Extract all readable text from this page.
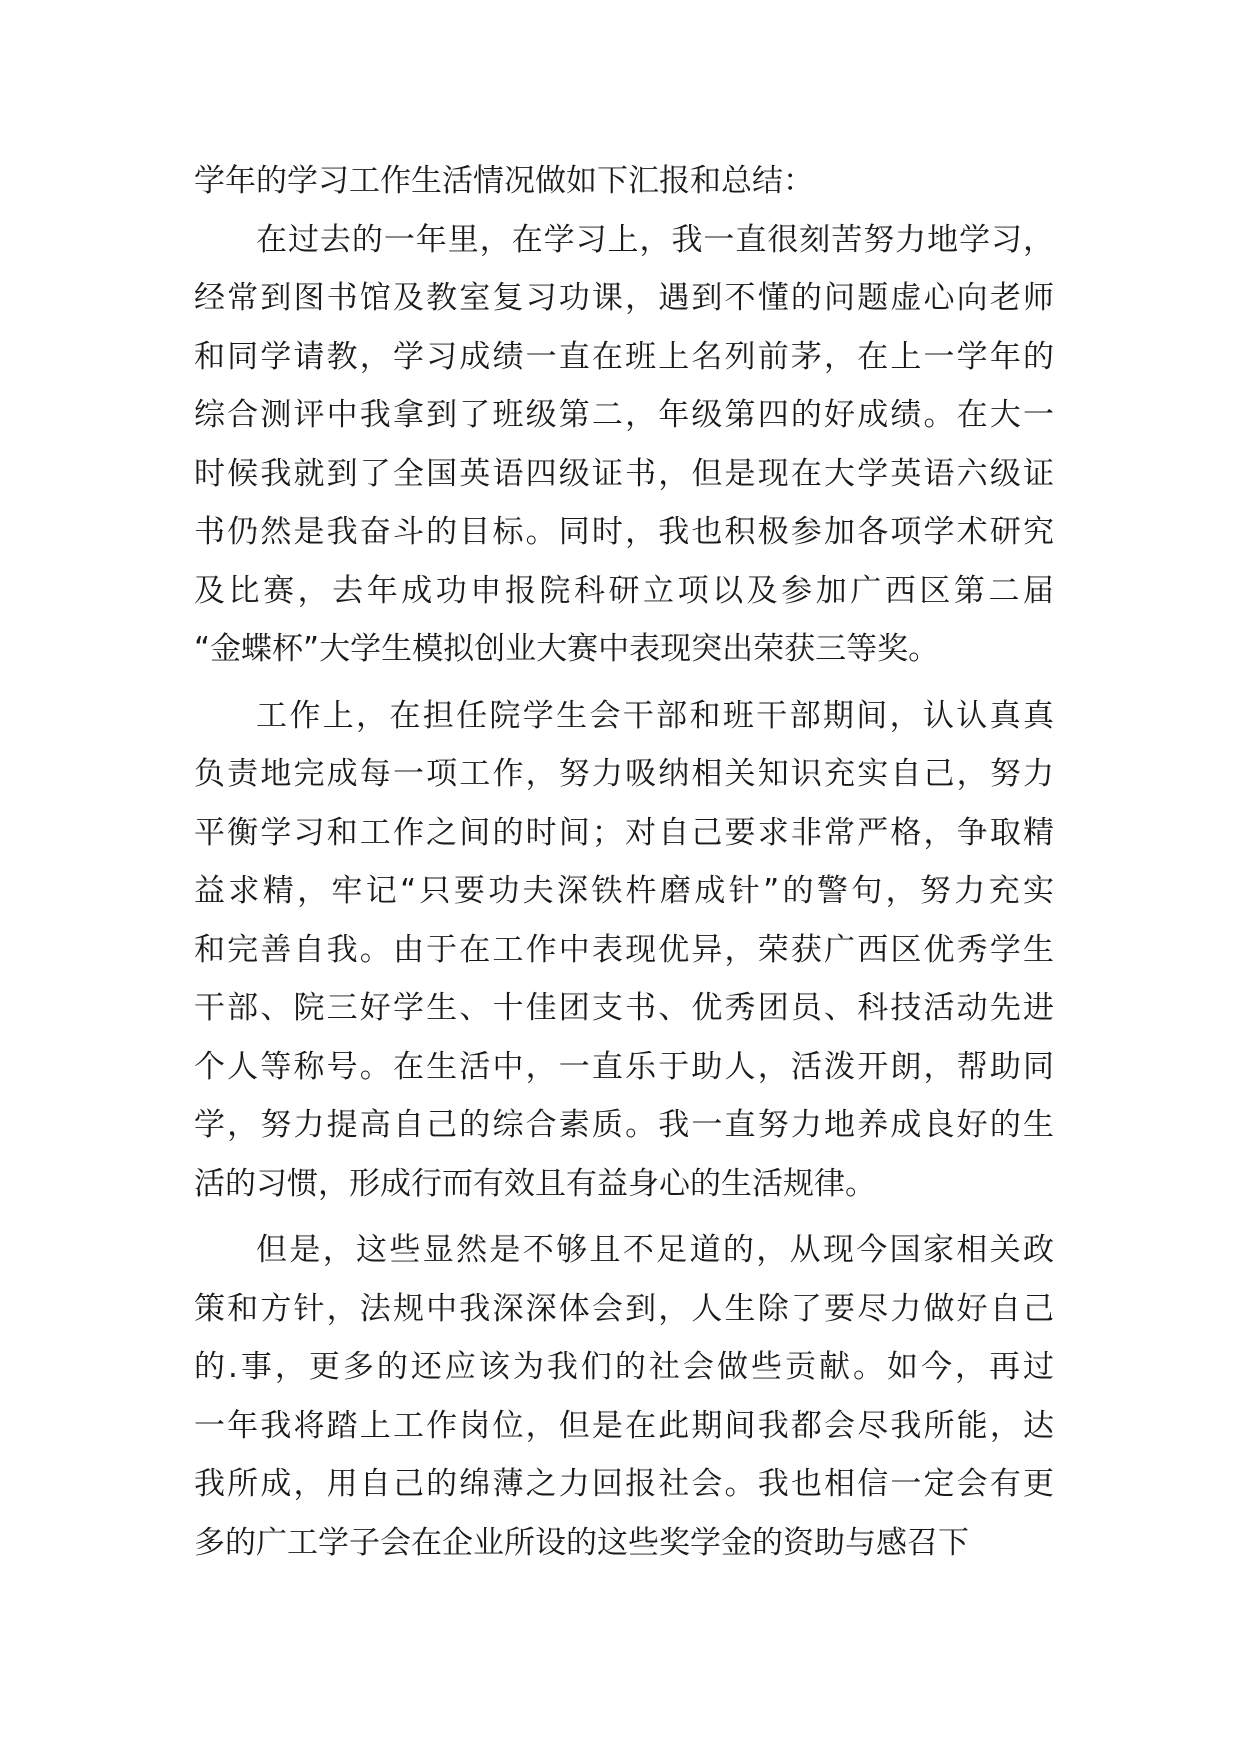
学年的学习工作生活情况做如下汇报和总结：
在过去的一年里，在学习上，我一直很刻苦努力地学习，
经常到图书馆及教室复习功课，遇到不懂的问题虚心向老师
和同学请教，学习成绩一直在班上名列前茅，在上一学年的
综合测评中我拿到了班级第二，年级第四的好成绩。在大一
时候我就到了全国英语四级证书，但是现在大学英语六级证
书仍然是我奋斗的目标。同时，我也积极参加各项学术研究
及比赛，去年成功申报院科研立项以及参加广西区第二届
“金蝶杯”大学生模拟创业大赛中表现突出荣获三等奖。
工作上，在担任院学生会干部和班干部期间，认认真真
负责地完成每一项工作，努力吸纳相关知识充实自己，努力
平衡学习和工作之间的时间；对自己要求非常严格，争取精
益求精，牢记“只要功夫深铁杵磨成针”的警句，努力充实
和完善自我。由于在工作中表现优异，荣获广西区优秀学生
干部、院三好学生、十佳团支书、优秀团员、科技活动先进
个人等称号。在生活中，一直乐于助人，活泼开朗，帮助同
学，努力提高自己的综合素质。我一直努力地养成良好的生
活的习惯，形成行而有效且有益身心的生活规律。
但是，这些显然是不够且不足道的，从现今国家相关政
策和方针，法规中我深深体会到，人生除了要尽力做好自己
的.事，更多的还应该为我们的社会做些贡献。如今，再过
一年我将踏上工作岗位，但是在此期间我都会尽我所能，达
我所成，用自己的绵薄之力回报社会。我也相信一定会有更
多的广工学子会在企业所设的这些奖学金的资助与感召下
